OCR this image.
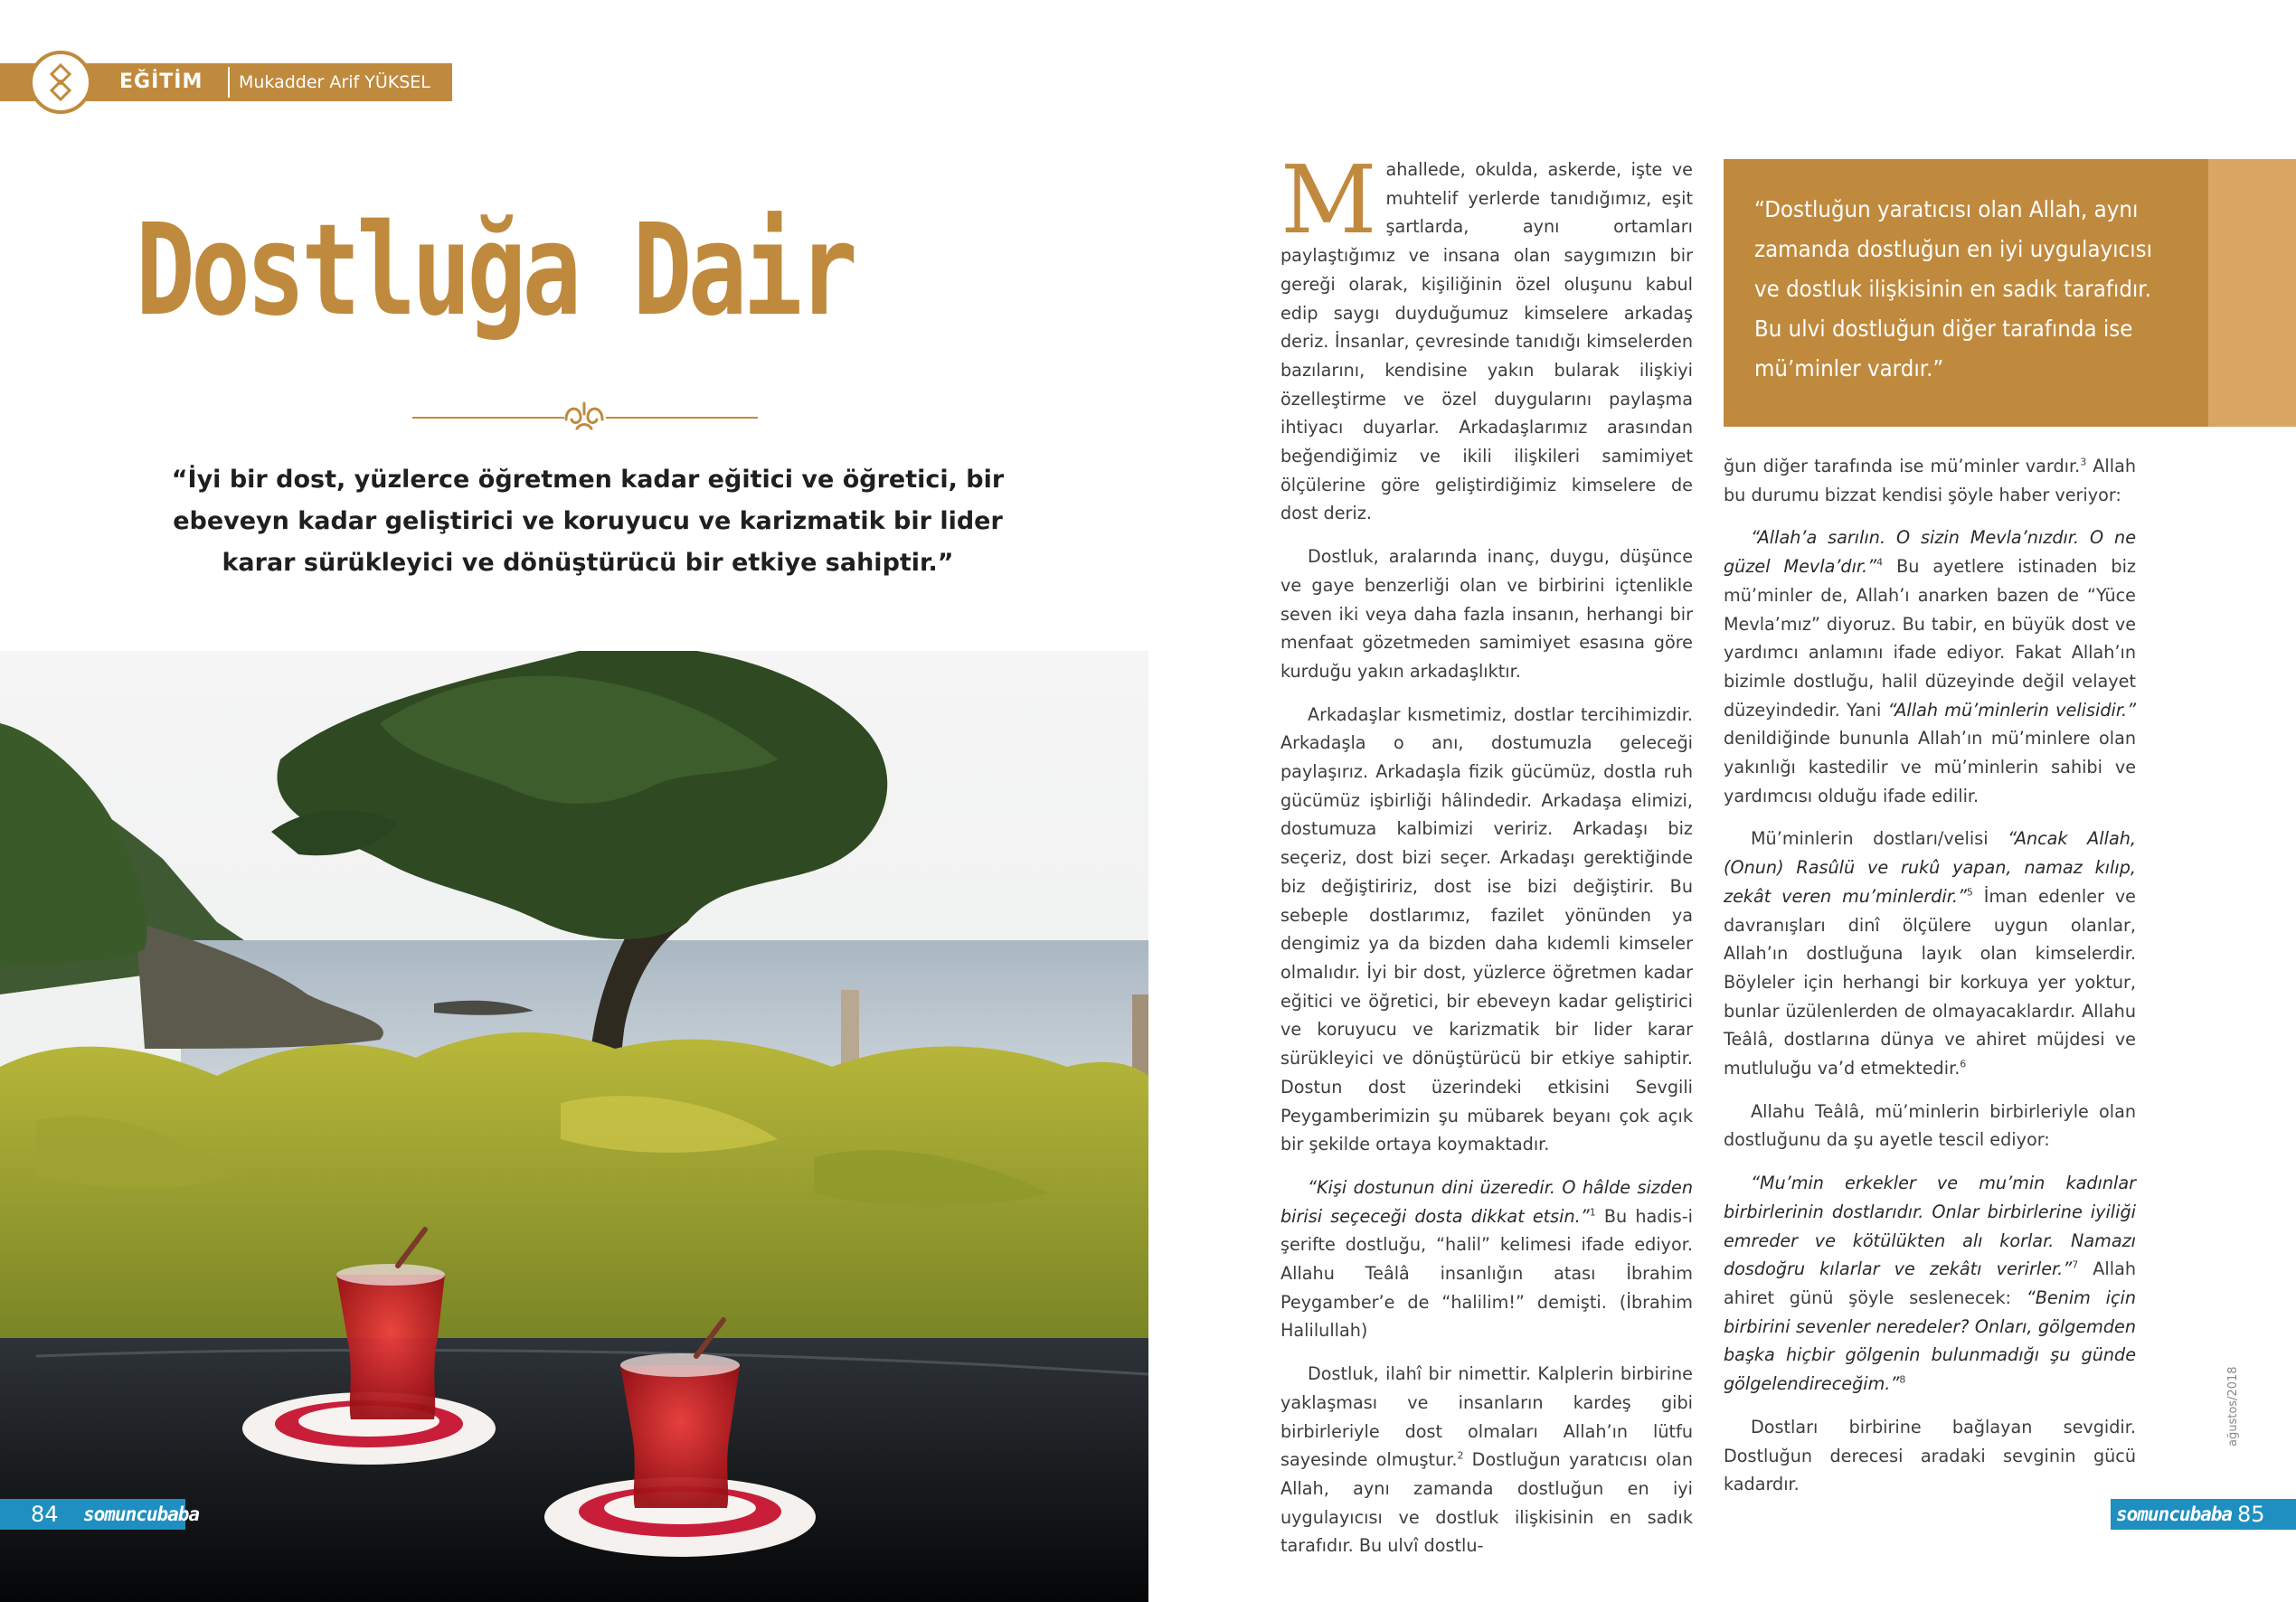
EĞİTİM Mukadder Arif YÜKSEL
Dostluğa Dair
“İyi bir dost, yüzlerce öğretmen kadar eğitici ve öğretici, bir ebeveyn kadar geliştirici ve koruyucu ve karizmatik bir lider karar sürükleyici ve dönüştürücü bir etkiye sahiptir.”
84 somuncubaba

Mahallede, okulda, askerde, işte ve muhtelif yerlerde tanıdığımız, eşit şartlarda, aynı ortamları paylaştığımız ve insana olan saygımızın bir gereği olarak, kişiliğinin özel oluşunu kabul edip saygı duyduğumuz kimselere arkadaş deriz. İnsanlar, çevresinde tanıdığı kimselerden bazılarını, kendisine yakın bularak ilişkiyi özelleştirme ve özel duygularını paylaşma ihtiyacı duyarlar. Arkadaşlarımız arasından beğendiğimiz ve ikili ilişkileri samimiyet ölçülerine göre geliştirdiğimiz kimselere de dost deriz.

Dostluk, aralarında inanç, duygu, düşünce ve gaye benzerliği olan ve birbirini içtenlikle seven iki veya daha fazla insanın, herhangi bir menfaat gözetmeden samimiyet esasına göre kurduğu yakın arkadaşlıktır.

Arkadaşlar kısmetimiz, dostlar tercihimizdir. Arkadaşla o anı, dostumuzla geleceği paylaşırız. Arkadaşla fizik gücümüz, dostla ruh gücümüz işbirliği hâlindedir. Arkadaşa elimizi, dostumuza kalbimizi veririz. Arkadaşı biz seçeriz, dost bizi seçer. Arkadaşı gerektiğinde biz değiştiririz, dost ise bizi değiştirir. Bu sebeple dostlarımız, fazilet yönünden ya dengimiz ya da bizden daha kıdemli kimseler olmalıdır. İyi bir dost, yüzlerce öğretmen kadar eğitici ve öğretici, bir ebeveyn kadar geliştirici ve koruyucu ve karizmatik bir lider karar sürükleyici ve dönüştürücü bir etkiye sahiptir. Dostun dost üzerindeki etkisini Sevgili Peygamberimizin şu mübarek beyanı çok açık bir şekilde ortaya koymaktadır.

“Kişi dostunun dini üzeredir. O hâlde sizden birisi seçeceği dosta dikkat etsin.”$^1$ Bu hadis-i şerifte dostluğu, “halil” kelimesi ifade ediyor. Allahu Teâlâ insanlığın atası İbrahim Peygamber’e de “halilim!” demişti. (İbrahim Halilullah)

Dostluk, ilahî bir nimettir. Kalplerin birbirine yaklaşması ve insanların kardeş gibi birbirleriyle dost olmaları Allah’ın lütfu sayesinde olmuştur.$^2$ Dostluğun yaratıcısı olan Allah, aynı zamanda dostluğun en iyi uygulayıcısı ve dostluk ilişkisinin en sadık tarafıdır. Bu ulvî dostlu-

“Dostluğun yaratıcısı olan Allah, aynı zamanda dostluğun en iyi uygulayıcısı ve dostluk ilişkisinin en sadık tarafıdır. Bu ulvi dostluğun diğer tarafında ise mü’minler vardır.”

ğun diğer tarafında ise mü’minler vardır.$^3$ Allah bu durumu bizzat kendisi şöyle haber veriyor:

“Allah’a sarılın. O sizin Mevla’nızdır. O ne güzel Mevla’dır.”$^4$ Bu ayetlere istinaden biz mü’minler de, Allah’ı anarken bazen de “Yüce Mevla’mız” diyoruz. Bu tabir, en büyük dost ve yardımcı anlamını ifade ediyor. Fakat Allah’ın bizimle dostluğu, halil düzeyinde değil velayet düzeyindedir. Yani “Allah mü’minlerin velisidir.” denildiğinde bununla Allah’ın mü’minlere olan yakınlığı kastedilir ve mü’minlerin sahibi ve yardımcısı olduğu ifade edilir.

Mü’minlerin dostları/velisi “Ancak Allah, (Onun) Rasûlü ve rukû yapan, namaz kılıp, zekât veren mu’minlerdir.”$^5$ İman edenler ve davranışları dinî ölçülere uygun olanlar, Allah’ın dostluğuna layık olan kimselerdir. Böyleler için herhangi bir korkuya yer yoktur, bunlar üzülenlerden de olmayacaklardır. Allahu Teâlâ, dostlarına dünya ve ahiret müjdesi ve mutluluğu va’d etmektedir.$^6$

Allahu Teâlâ, mü’minlerin birbirleriyle olan dostluğunu da şu ayetle tescil ediyor:

“Mu’min erkekler ve mu’min kadınlar birbirlerinin dostlarıdır. Onlar birbirlerine iyiliği emreder ve kötülükten alı korlar. Namazı dosdoğru kılarlar ve zekâtı verirler.”$^7$ Allah ahiret günü şöyle seslenecek: “Benim için birbirini sevenler neredeler? Onları, gölgemden başka hiçbir gölgenin bulunmadığı şu günde gölgelendireceğim.”$^8$

Dostları birbirine bağlayan sevgidir. Dostluğun derecesi aradaki sevginin gücü kadardır.

ağustos/2018
somuncubaba 85
